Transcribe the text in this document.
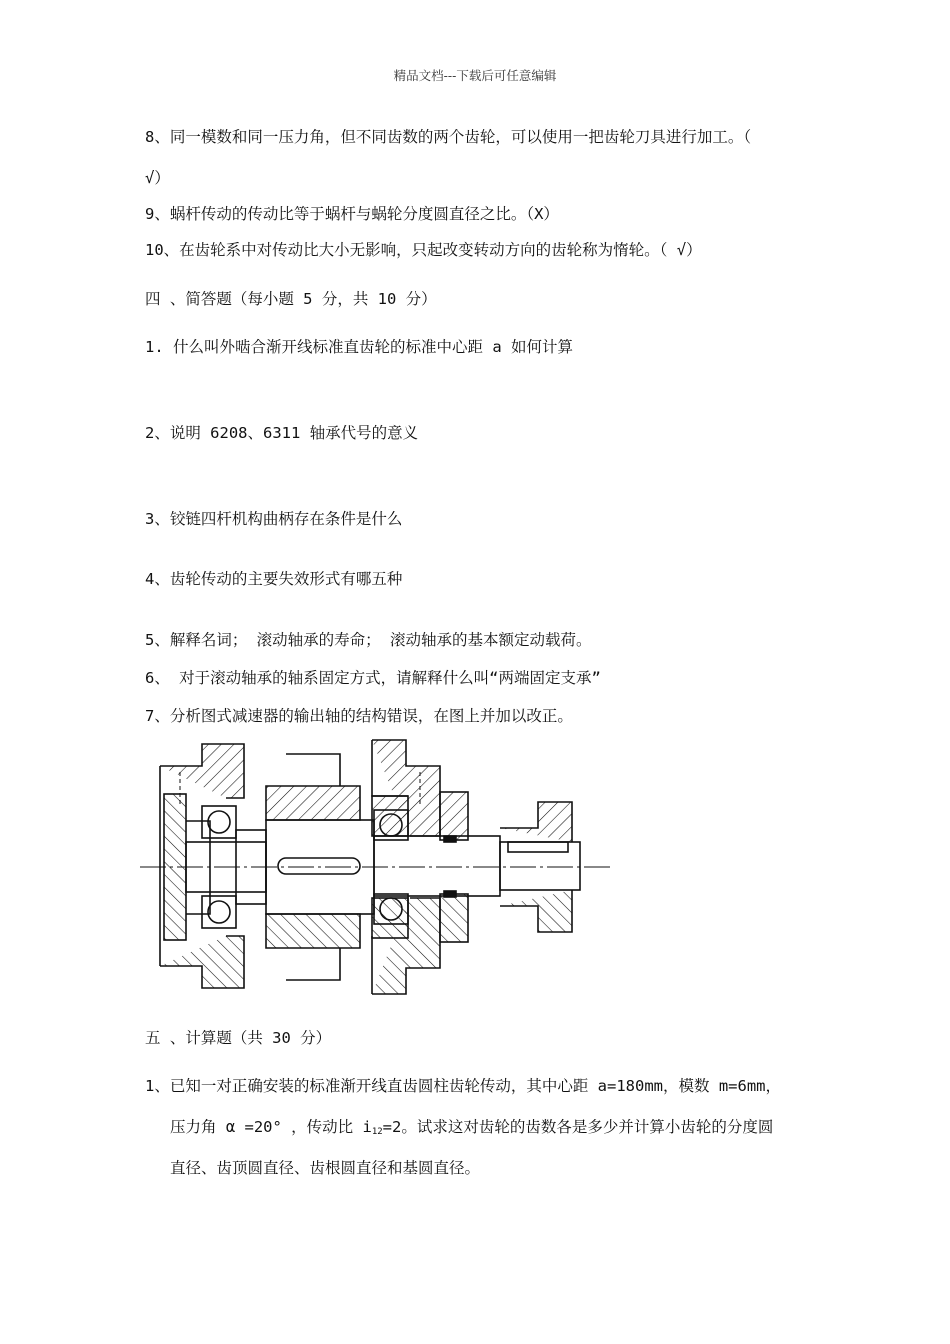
精品文档---下载后可任意编辑
8、同一模数和同一压力角，但不同齿数的两个齿轮，可以使用一把齿轮刀具进行加工。（
√）
9、蜗杆传动的传动比等于蜗杆与蜗轮分度圆直径之比。（X）
10、在齿轮系中对传动比大小无影响，只起改变转动方向的齿轮称为惰轮。（ √）
四 、简答题（每小题 5 分，共 10 分）
1. 什么叫外啮合渐开线标准直齿轮的标准中心距 a 如何计算
2、说明 6208、6311 轴承代号的意义
3、铰链四杆机构曲柄存在条件是什么
4、齿轮传动的主要失效形式有哪五种
5、解释名词； 滚动轴承的寿命； 滚动轴承的基本额定动载荷。
6、 对于滚动轴承的轴系固定方式，请解释什么叫“两端固定支承”
7、分析图式减速器的输出轴的结构错误，在图上并加以改正。
五 、计算题（共 30 分）
1、已知一对正确安装的标准渐开线直齿圆柱齿轮传动，其中心距 a=180mm，模数 m=6mm，
压力角 α =20° ，传动比 $i_{12}=2$。试求这对齿轮的齿数各是多少并计算小齿轮的分度圆
直径、齿顶圆直径、齿根圆直径和基圆直径。
